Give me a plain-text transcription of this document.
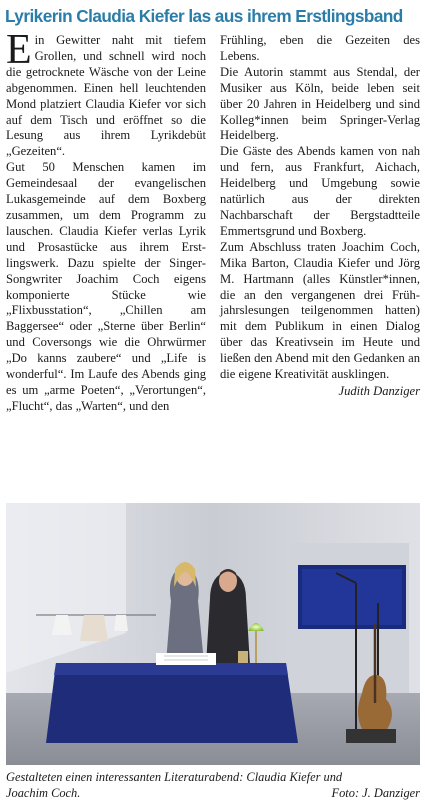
Lyrikerin Claudia Kiefer las aus ihrem Erstlingsband

Ein Gewitter naht mit tiefem Grollen, und schnell wird noch die getrocknete Wäsche von der Leine abgenommen. Einen hell leuchtenden Mond platziert Claudia Kiefer vor sich auf dem Tisch und eröffnet so die Lesung aus ihrem Lyrikdebüt „Gezeiten“.

Gut 50 Menschen kamen im Gemeindesaal der evangelischen Lukasgemeinde auf dem Boxberg zusammen, um dem Programm zu lauschen. Claudia Kiefer verlas Lyrik und Prosastücke aus ihrem Erstlingswerk. Dazu spielte der Singer-Songwriter Joachim Coch eigens komponierte Stücke wie „Flixbusstation“, „Chillen am Baggersee“ oder „Sterne über Berlin“ und Coversongs wie die Ohrwürmer „Do kanns zaubere“ und „Life is wonderful“. Im Laufe des Abends ging es um „arme Poeten“, „Verortungen“, „Flucht“, das „Warten“, und den

Frühling, eben die Gezeiten des Lebens.

Die Autorin stammt aus Stendal, der Musiker aus Köln, beide leben seit über 20 Jahren in Heidelberg und sind Kolleg*innen beim Springer-Verlag Heidelberg.

Die Gäste des Abends kamen von nah und fern, aus Frankfurt, Aichach, Heidelberg und Umgebung sowie natürlich aus der direkten Nachbarschaft der Bergstadtteile Emmertsgrund und Boxberg.

Zum Abschluss traten Joachim Coch, Mika Barton, Claudia Kiefer und Jörg M. Hartmann (alles Künstler*innen, die an den vergangenen drei Frühjahrslesungen teilgenommen hatten) mit dem Publikum in einen Dialog über das Kreativsein im Heute und ließen den Abend mit den Gedanken an die eigene Kreativität ausklingen.

Judith Danziger

Gestalteten einen interessanten Literaturabend: Claudia Kiefer und
Joachim Coch.	Foto: J. Danziger
